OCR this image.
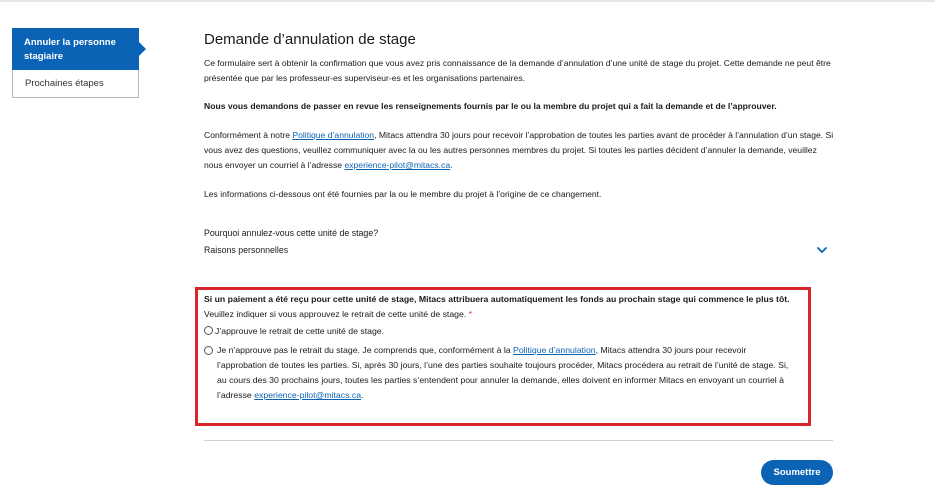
Annuler la personne stagiaire
Prochaines étapes
Demande d’annulation de stage

Ce formulaire sert à obtenir la confirmation que vous avez pris connaissance de la demande d’annulation d’une unité de stage du projet. Cette demande ne peut être présentée que par les professeur-es superviseur-es et les organisations partenaires.

Nous vous demandons de passer en revue les renseignements fournis par le ou la membre du projet qui a fait la demande et de l’approuver.

Conformément à notre Politique d’annulation, Mitacs attendra 30 jours pour recevoir l’approbation de toutes les parties avant de procéder à l’annulation d’un stage. Si vous avez des questions, veuillez communiquer avec la ou les autres personnes membres du projet. Si toutes les parties décident d’annuler la demande, veuillez nous envoyer un courriel à l’adresse experience-pilot@mitacs.ca.

Les informations ci-dessous ont été fournies par la ou le membre du projet à l’origine de ce changement.

Pourquoi annulez-vous cette unité de stage?
Raisons personnelles
Si un paiement a été reçu pour cette unité de stage, Mitacs attribuera automatiquement les fonds au prochain stage qui commence le plus tôt.
Veuillez indiquer si vous approuvez le retrait de cette unité de stage. *
J’approuve le retrait de cette unité de stage.
Je n’approuve pas le retrait du stage. Je comprends que, conformément à la Politique d’annulation, Mitacs attendra 30 jours pour recevoir l’approbation de toutes les parties. Si, après 30 jours, l’une des parties souhaite toujours procéder, Mitacs procédera au retrait de l’unité de stage. Si, au cours des 30 prochains jours, toutes les parties s’entendent pour annuler la demande, elles doivent en informer Mitacs en envoyant un courriel à l’adresse experience-pilot@mitacs.ca.
Soumettre
